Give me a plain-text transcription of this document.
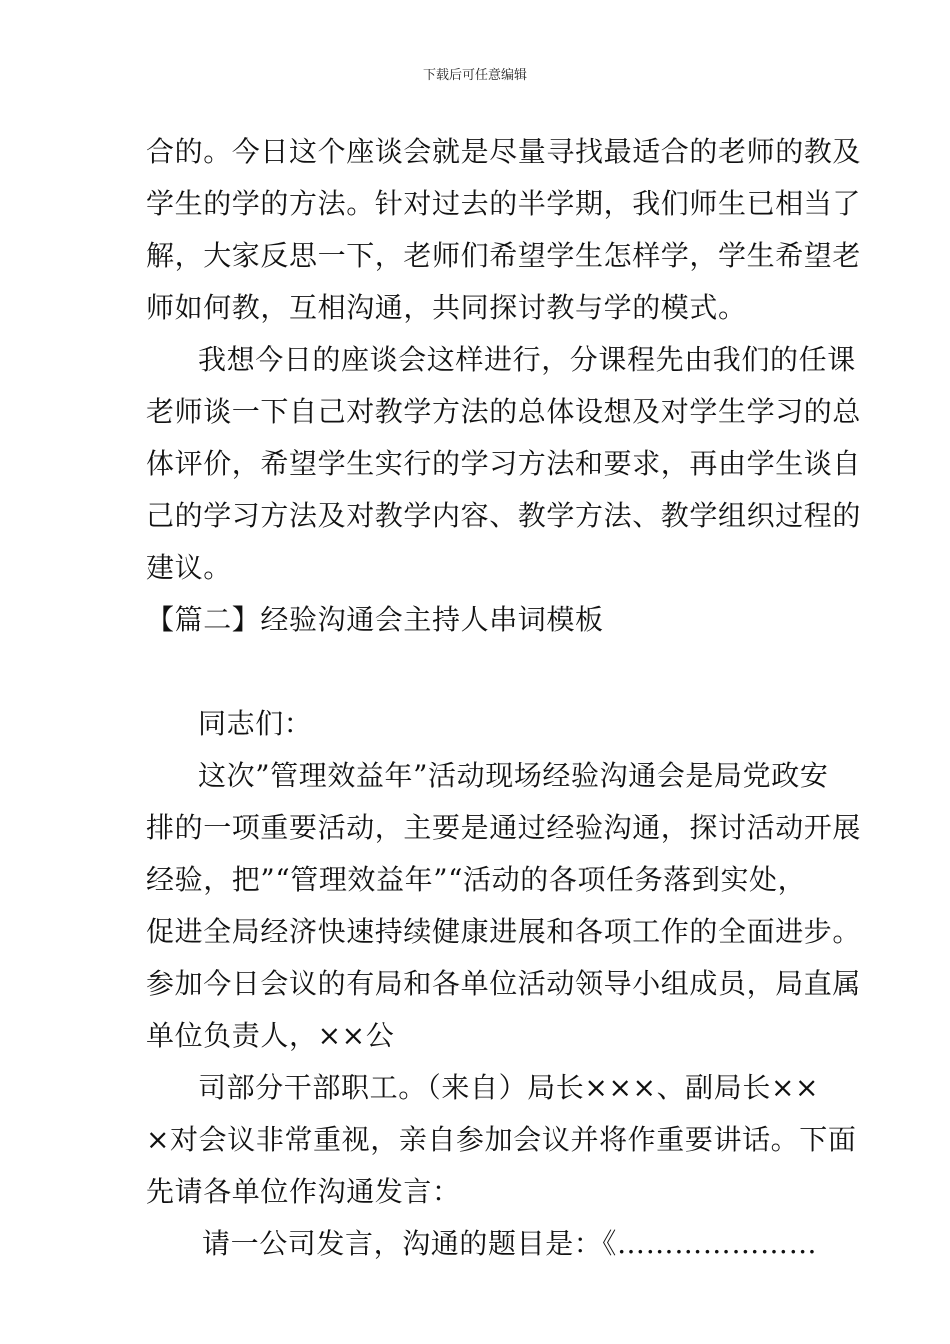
下载后可任意编辑
合的。今日这个座谈会就是尽量寻找最适合的老师的教及
学生的学的方法。针对过去的半学期，我们师生已相当了
解，大家反思一下，老师们希望学生怎样学，学生希望老
师如何教，互相沟通，共同探讨教与学的模式。
我想今日的座谈会这样进行，分课程先由我们的任课
老师谈一下自己对教学方法的总体设想及对学生学习的总
体评价，希望学生实行的学习方法和要求，再由学生谈自
己的学习方法及对教学内容、教学方法、教学组织过程的
建议。
【篇二】经验沟通会主持人串词模板
同志们：
这次”管理效益年”活动现场经验沟通会是局党政安
排的一项重要活动，主要是通过经验沟通，探讨活动开展
经验，把”“管理效益年”“活动的各项任务落到实处，
促进全局经济快速持续健康进展和各项工作的全面进步。
参加今日会议的有局和各单位活动领导小组成员，局直属
单位负责人，××公
司部分干部职工。（来自）局长×××、副局长××
×对会议非常重视，亲自参加会议并将作重要讲话。下面
先请各单位作沟通发言：
请一公司发言，沟通的题目是：《…………………
